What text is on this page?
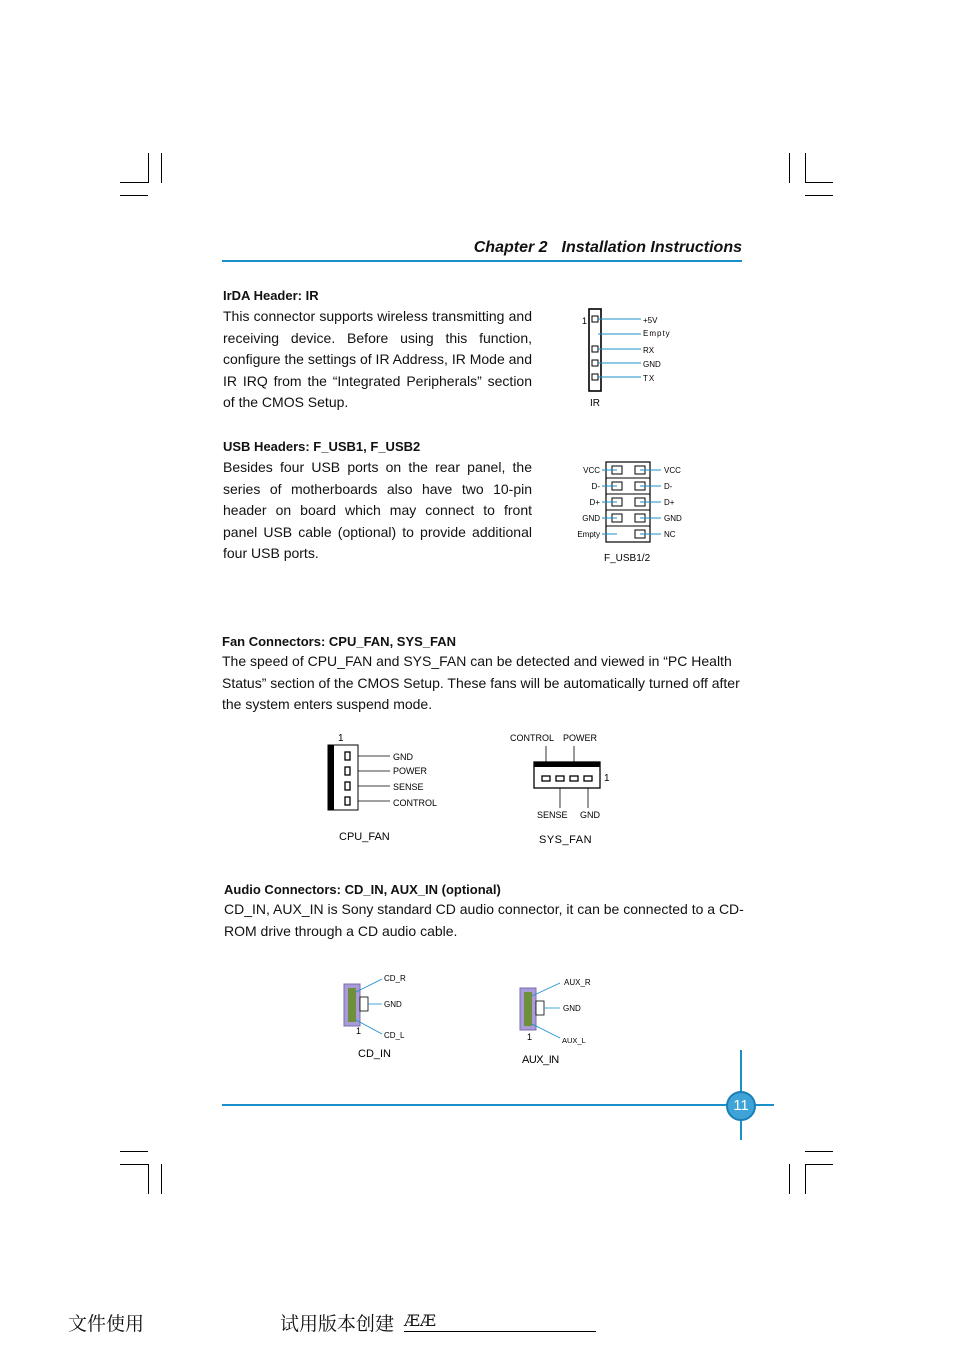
Chapter 2 Installation Instructions
IrDA Header: IR
This connector supports wireless transmitting and receiving device. Before using this function, configure the settings of IR Address, IR Mode and IR IRQ from the “Integrated Peripherals” section of the CMOS Setup.
1	+5V
Empty
RX
GND
TX
IR
USB Headers: F_USB1, F_USB2
Besides four USB ports on the rear panel, the series of motherboards also have two 10-pin header on board which may connect to front panel USB cable (optional) to provide additional four USB ports.
VCC
D-
D+
GND
Empty
VCC
D-
D+
GND
NC
F_USB1/2
Fan Connectors: CPU_FAN, SYS_FAN
The speed of CPU_FAN and SYS_FAN can be detected and viewed in “PC Health Status” section of the CMOS Setup. These fans will be automatically turned off after the system enters suspend mode.
1
GND
POWER
SENSE
CONTROL
CPU_FAN
CONTROL POWER
1
SENSE GND
SYS_FAN
Audio Connectors: CD_IN, AUX_IN (optional)
CD_IN, AUX_IN is Sony standard CD audio connector, it can be connected to a CD-ROM drive through a CD audio cable.
CD_R
GND
CD_L
1
CD_IN
AUX_R
GND
AUX_L
1
AUX_IN
11
文件使用	试用版本创建 ÆÆ
